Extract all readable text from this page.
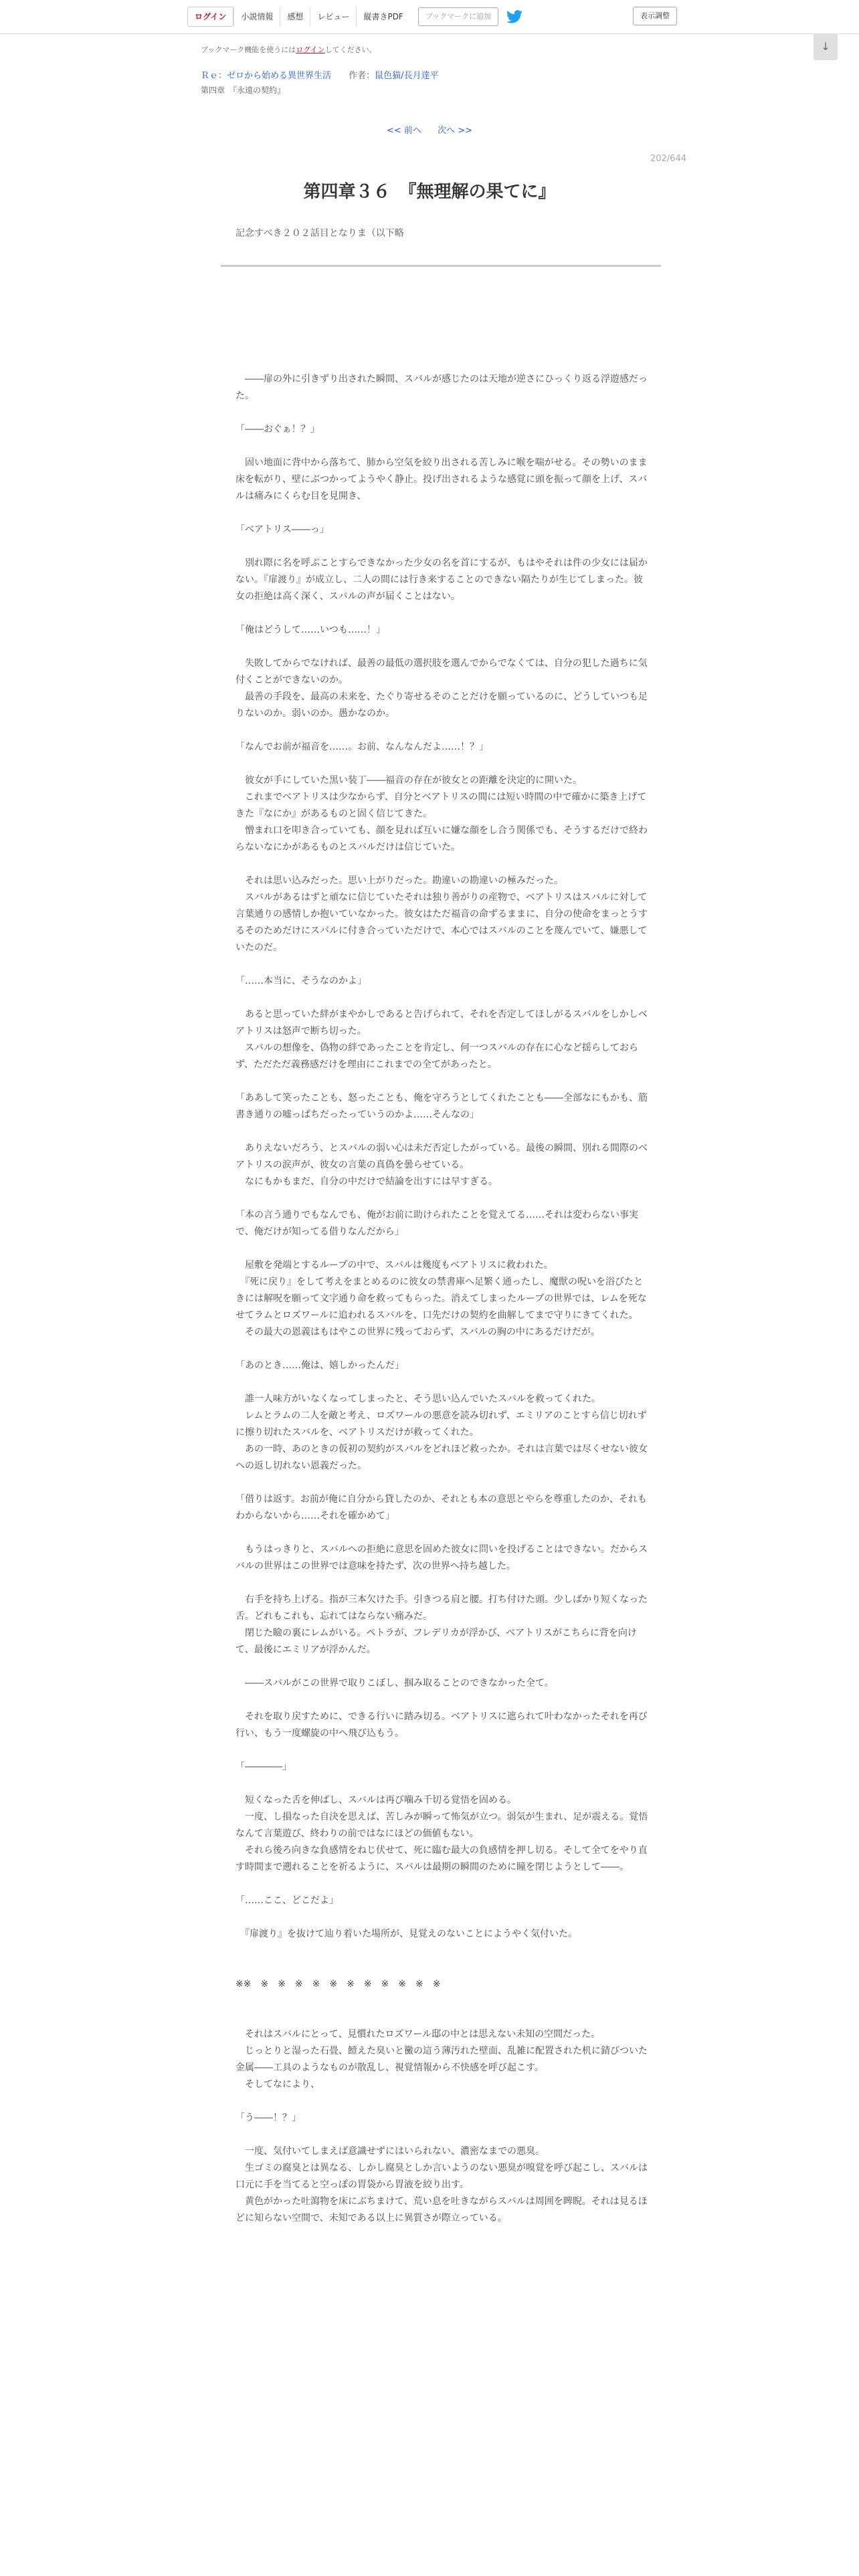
ログイン	小説情報	感想	レビュー	縦書きPDF	ブックマークに追加	表示調整
↓
ブックマーク機能を使うにはログインしてください。
Ｒｅ：ゼロから始める異世界生活 作者：鼠色猫/長月達平
第四章　『永遠の契約』
<< 前へ 次へ >>
202/644
第四章３６　『無理解の果てに』
記念すべき２０２話目となりま（以下略

　――扉の外に引きずり出された瞬間、スバルが感じたのは天地が逆さにひっくり返る浮遊感だった。

「――おぐぁ！？」

　固い地面に背中から落ちて、肺から空気を絞り出される苦しみに喉を喘がせる。その勢いのまま床を転がり、壁にぶつかってようやく静止。投げ出されるような感覚に頭を振って顔を上げ、スバルは痛みにくらむ目を見開き、

「ベアトリス――っ」

　別れ際に名を呼ぶことすらできなかった少女の名を首にするが、もはやそれは件の少女には届かない。『扉渡り』が成立し、二人の間には行き来することのできない隔たりが生じてしまった。彼女の拒絶は高く深く、スバルの声が届くことはない。

「俺はどうして……いつも……！」

　失敗してからでなければ、最善の最低の選択肢を選んでからでなくては、自分の犯した過ちに気付くことができないのか。

　最善の手段を、最高の未来を、たぐり寄せるそのことだけを願っているのに、どうしていつも足りないのか。弱いのか。愚かなのか。

「なんでお前が福音を……。お前、なんなんだよ……！？」

　彼女が手にしていた黒い装丁――福音の存在が彼女との距離を決定的に開いた。

　これまでベアトリスは少なからず、自分とベアトリスの間には短い時間の中で確かに築き上げてきた『なにか』があるものと固く信じてきた。

　憎まれ口を叩き合っていても、顔を見れば互いに嫌な顔をし合う関係でも、そうするだけで終わらないなにかがあるものとスバルだけは信じていた。

　それは思い込みだった。思い上がりだった。勘違いの勘違いの極みだった。

　スバルがあるはずと頑なに信じていたそれは独り善がりの産物で、ベアトリスはスバルに対して言葉通りの感情しか抱いていなかった。彼女はただ福音の命ずるままに、自分の使命をまっとうするそのためだけにスバルに付き合っていただけで、本心ではスバルのことを蔑んでいて、嫌悪していたのだ。

「……本当に、そうなのかよ」

　あると思っていた絆がまやかしであると告げられて、それを否定してほしがるスバルをしかしベアトリスは怒声で断ち切った。

　スバルの想像を、偽物の絆であったことを肯定し、何一つスバルの存在に心など揺らしておらず、ただただ義務感だけを理由にこれまでの全てがあったと。

「ああして笑ったことも、怒ったことも、俺を守ろうとしてくれたことも――全部なにもかも、筋書き通りの嘘っぱちだったっていうのかよ……そんなの」

　ありえないだろう、とスバルの弱い心は未だ否定したがっている。最後の瞬間、別れる間際のベアトリスの涙声が、彼女の言葉の真偽を曇らせている。

　なにもかもまだ、自分の中だけで結論を出すには早すぎる。

「本の言う通りでもなんでも、俺がお前に助けられたことを覚えてる……それは変わらない事実で、俺だけが知ってる借りなんだから」

　屋敷を発端とするループの中で、スバルは幾度もベアトリスに救われた。

　『死に戻り』をして考えをまとめるのに彼女の禁書庫へ足繁く通ったし、魔獣の呪いを浴びたときには解呪を願って文字通り命を救ってもらった。消えてしまったループの世界では、レムを死なせてラムとロズワールに追われるスバルを、口先だけの契約を曲解してまで守りにきてくれた。

　その最大の恩義はもはやこの世界に残っておらず、スバルの胸の中にあるだけだが。

「あのとき……俺は、嬉しかったんだ」

　誰一人味方がいなくなってしまったと、そう思い込んでいたスバルを救ってくれた。

　レムとラムの二人を敵と考え、ロズワールの悪意を読み切れず、エミリアのことすら信じ切れずに擦り切れたスバルを、ベアトリスだけが救ってくれた。

　あの一時、あのときの仮初の契約がスバルをどれほど救ったか。それは言葉では尽くせない彼女への返し切れない恩義だった。

「借りは返す。お前が俺に自分から貸したのか、それとも本の意思とやらを尊重したのか、それもわからないから……それを確かめて」

　もうはっきりと、スバルへの拒絶に意思を固めた彼女に問いを投げることはできない。だからスバルの世界はこの世界では意味を持たず、次の世界へ持ち越した。

　右手を持ち上げる。指が三本欠けた手。引きつる肩と腰。打ち付けた頭。少しばかり短くなった舌。どれもこれも、忘れてはならない痛みだ。

　閉じた瞼の裏にレムがいる。ペトラが、フレデリカが浮かび、ベアトリスがこちらに背を向けて、最後にエミリアが浮かんだ。

　――スバルがこの世界で取りこぼし、掴み取ることのできなかった全て。

　それを取り戻すために、できる行いに踏み切る。ベアトリスに遮られて叶わなかったそれを再び行い、もう一度螺旋の中へ飛び込もう。

「――――」

　短くなった舌を伸ばし、スバルは再び噛み千切る覚悟を固める。

　一度、し損なった自決を思えば、苦しみが瞬って怖気が立つ。弱気が生まれ、足が震える。覚悟なんて言葉遊び、終わりの前ではなにほどの価値もない。

　それら後ろ向きな負感情をねじ伏せて、死に臨む最大の負感情を押し切る。そして全てをやり直す時間まで遡れることを祈るように、スバルは最期の瞬間のために瞳を閉じようとして――。

「……ここ、どこだよ」

　『扉渡り』を抜けて辿り着いた場所が、見覚えのないことにようやく気付いた。

※※　※　※　※　※　※　※　※　※　※　※　※

　それはスバルにとって、見慣れたロズワール邸の中とは思えない未知の空間だった。

　じっとりと湿った石畳、饐えた臭いと黴の這う薄汚れた壁面、乱雑に配置された机に錆びついた金属――工具のようなものが散乱し、視覚情報から不快感を呼び起こす。

　そしてなにより、

「う――！？」

　一度、気付いてしまえば意識せずにはいられない、濃密なまでの悪臭。

　生ゴミの腐臭とは異なる、しかし腐臭としか言いようのない悪臭が嗅覚を呼び起こし、スバルは口元に手を当てると空っぽの胃袋から胃液を絞り出す。

　黄色がかった吐瀉物を床にぶちまけて、荒い息を吐きながらスバルは周囲を睥睨。それは見るほどに知らない空間で、未知である以上に異質さが際立っている。
